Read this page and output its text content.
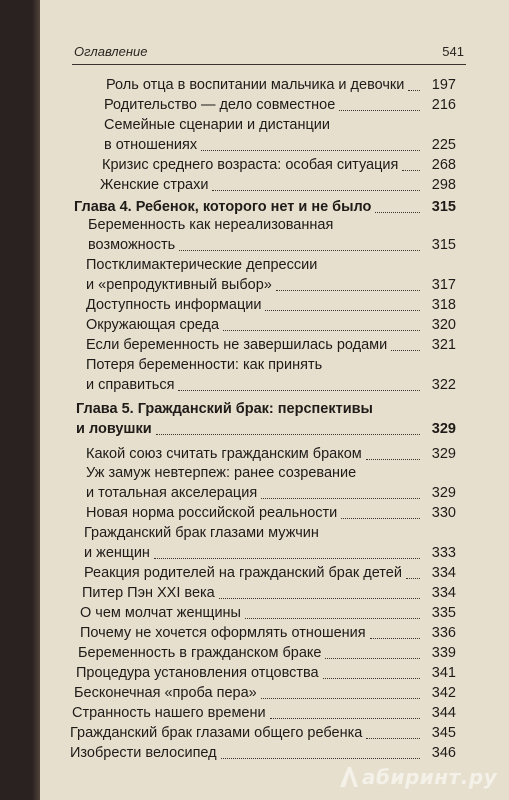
Оглавление	541
Роль отца в воспитании мальчика и девочки 197
Родительство — дело совместное	216
Семейные сценарии и дистанции
в отношениях	225
Кризис среднего возраста: особая ситуация 268
Женские страхи	298
Глава 4. Ребенок, которого нет и не было	315
Беременность как нереализованная
возможность	315
Постклимактерические депрессии
и «репродуктивный выбор»	317
Доступность информации	318
Окружающая среда	320
Если беременность не завершилась родами	321
Потеря беременности: как принять
и справиться	322
Глава 5. Гражданский брак: перспективы
и ловушки	329
Какой союз считать гражданским браком	329
Уж замуж невтерпеж: ранее созревание
и тотальная акселерация	329
Новая норма российской реальности	330
Гражданский брак глазами мужчин
и женщин	333
Реакция родителей на гражданский брак детей 334
Питер Пэн XXI века	334
О чем молчат женщины	335
Почему не хочется оформлять отношения	336
Беременность в гражданском браке	339
Процедура установления отцовства	341
Бесконечная «проба пера»	342
Странность нашего времени	344
Гражданский брак глазами общего ребенка	345
Изобрести велосипед	346
абиринт.ру
